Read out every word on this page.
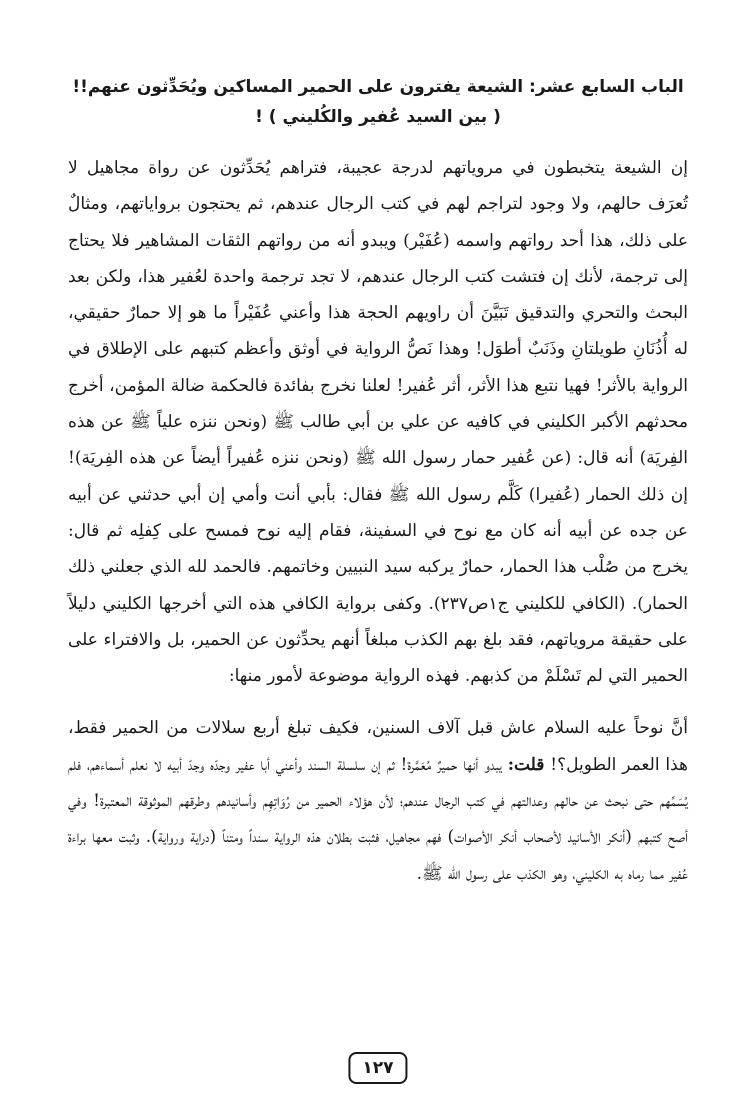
الباب السابع عشر: الشيعة يفترون على الحمير المساكين ويُحَدِّثون عنهم!!
( بين السيد عُفير والكُليني ) !

إن الشيعة يتخبطون في مروياتهم لدرجة عجيبة، فتراهم يُحَدِّثون عن رواة مجاهيل لا تُعرَف حالهم، ولا وجود لتراجم لهم في كتب الرجال عندهم، ثم يحتجون برواياتهم، ومثالٌ على ذلك، هذا أحد رواتهم واسمه (عُفَيْر) ويبدو أنه من رواتهم الثقات المشاهير فلا يحتاج إلى ترجمة، لأنك إن فتشت كتب الرجال عندهم، لا تجد ترجمة واحدة لعُفير هذا، ولكن بعد البحث والتحري والتدقيق تَبَيَّنَ أن راويهم الحجة هذا وأعني عُفَيْراً ما هو إلا حمارٌ حقيقي، له أُذُنَانِ طويلتانِ وذَنَبٌ أطوَل! وهذا نَصُّ الرواية في أوثق وأعظم كتبهم على الإطلاق في الرواية بالأثر! فهيا نتبع هذا الأثر، أثر عُفير! لعلنا نخرج بفائدة فالحكمة ضالة المؤمن، أخرج محدثهم الأكبر الكليني في كافيه عن علي بن أبي طالب ﷺ (ونحن ننزه علياً ﷺ عن هذه الفِريَة) أنه قال: (عن عُفير حمار رسول الله ﷺ (ونحن ننزه عُفيراً أيضاً عن هذه الفِريَة)! إن ذلك الحمار (عُفيرا) كَلَّم رسول الله ﷺ فقال: بأبي أنت وأمي إن أبي حدثني عن أبيه عن جده عن أبيه أنه كان مع نوح في السفينة، فقام إليه نوح فمسح على كِفلِه ثم قال: يخرج من صُلْب هذا الحمار، حمارٌ يركبه سيد النبيين وخاتمهم. فالحمد لله الذي جعلني ذلك الحمار). (الكافي للكليني ج١ص٢٣٧). وكفى برواية الكافي هذه التي أخرجها الكليني دليلاً على حقيقة مروياتهم، فقد بلغ بهم الكذب مبلغاً أنهم يحدِّثون عن الحمير، بل والافتراء على الحمير التي لم تَسْلَمْ من كذبهم. فهذه الرواية موضوعة لأمور منها:

أنَّ نوحاً عليه السلام عاش قبل آلاف السنين، فكيف تبلغ أربع سلالات من الحمير فقط، هذا العمر الطويل؟! قلت: يبدو أنها حميرٌ مُعَمَّرة! ثم إن سلسلة السند وأعني أبا عفير وجدّه وجدّ أبيه لا نعلم أسماءهم، فلم يُسَمِّهم حتى نبحث عن حالهم وعدالتهم في كتب الرجال عندهم؛ لأن هؤلاء الحمير من رُوَاتِهِم وأسانيدهم وطرقهم الموثوقة المعتبرة! وفي أصح كتبهم (أنكر الأسانيد لأصحاب أنكر الأصوات) فهم مجاهيل، فثبت بطلان هذه الرواية سنداً ومتناً (دراية ورواية). وثبت معها براءة عُفير مما رماه به الكليني، وهو الكذب على رسول الله ﷺ.

١٢٧
